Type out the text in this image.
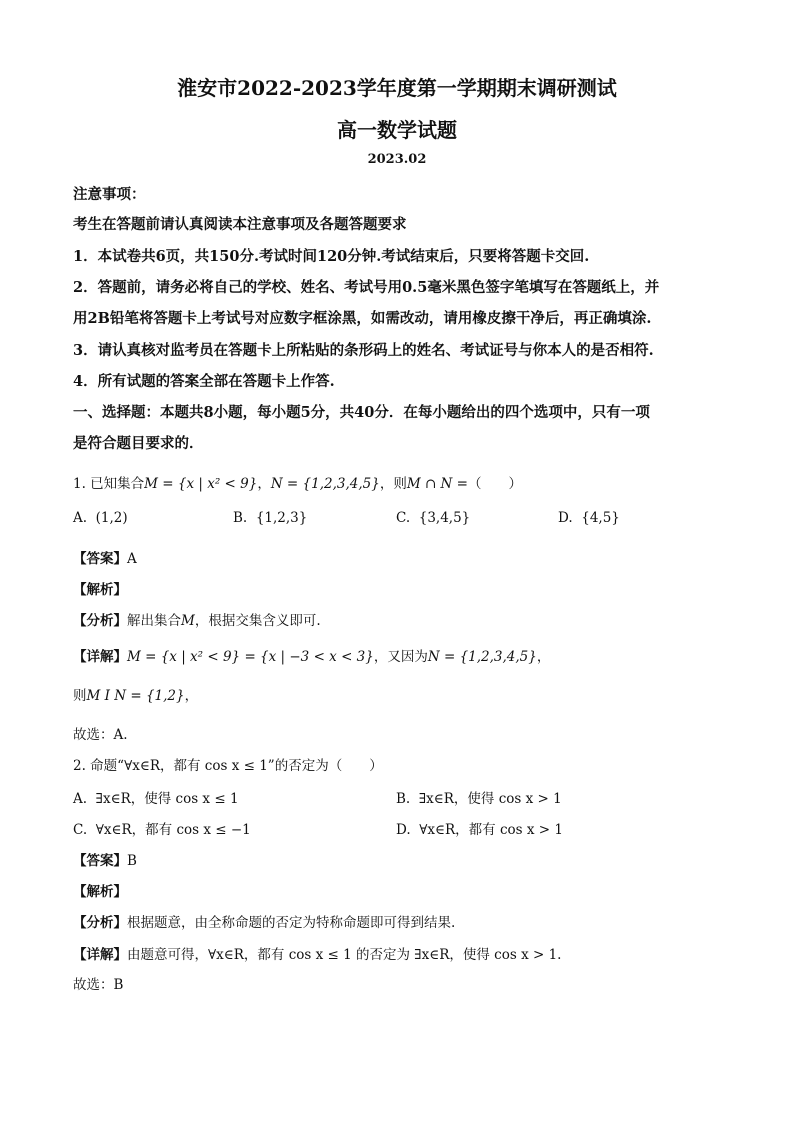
淮安市2022-2023学年度第一学期期末调研测试
高一数学试题
2023.02
注意事项：
考生在答题前请认真阅读本注意事项及各题答题要求
1．本试卷共6页，共150分.考试时间120分钟.考试结束后，只要将答题卡交回.
2．答题前，请务必将自己的学校、姓名、考试号用0.5毫米黑色签字笔填写在答题纸上，并
用2B铅笔将答题卡上考试号对应数字框涂黑，如需改动，请用橡皮擦干净后，再正确填涂.
3．请认真核对监考员在答题卡上所粘贴的条形码上的姓名、考试证号与你本人的是否相符.
4．所有试题的答案全部在答题卡上作答.
一、选择题：本题共8小题，每小题5分，共40分．在每小题给出的四个选项中，只有一项
是符合题目要求的．
1. 已知集合M = {x | x² < 9}，N = {1,2,3,4,5}，则M ∩ N =（　　）
A. (1,2)	B. {1,2,3}	C. {3,4,5}	D. {4,5}
【答案】A
【解析】
【分析】解出集合M，根据交集含义即可.
【详解】M = {x | x² < 9} = {x | −3 < x < 3}，又因为N = {1,2,3,4,5}，
则M Ι N = {1,2}，
故选：A.
2. 命题“∀x∈R，都有 cos x ≤ 1”的否定为（　　）
A. ∃x∈R，使得 cos x ≤ 1	B. ∃x∈R，使得 cos x > 1
C. ∀x∈R，都有 cos x ≤ −1	D. ∀x∈R，都有 cos x > 1
【答案】B
【解析】
【分析】根据题意，由全称命题的否定为特称命题即可得到结果.
【详解】由题意可得，∀x∈R，都有 cos x ≤ 1 的否定为 ∃x∈R，使得 cos x > 1.
故选：B
